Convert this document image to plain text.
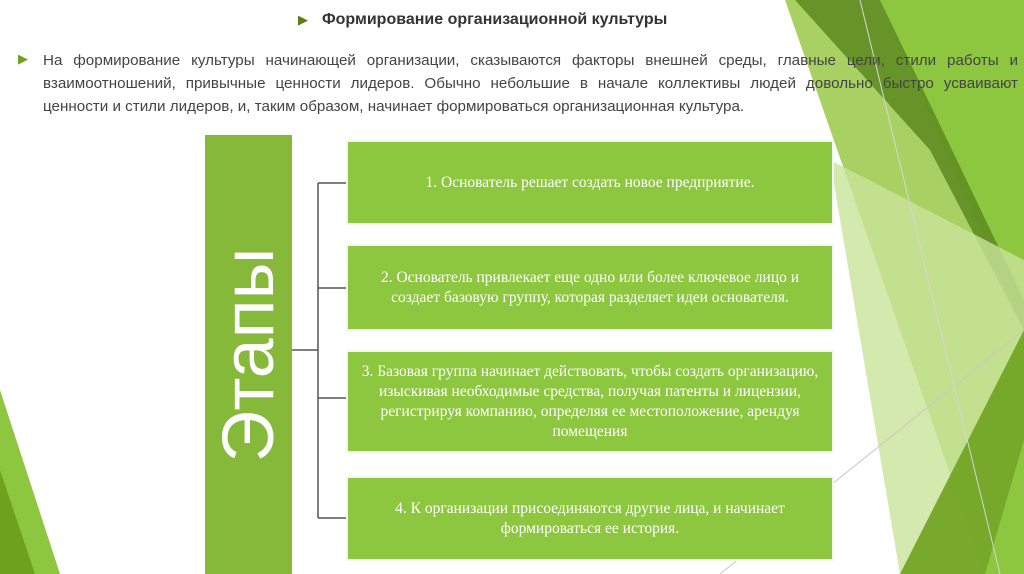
▶ Формирование организационной культуры
▶ На формирование культуры начинающей организации, сказываются факторы внешней среды, главные цели, стили работы и взаимоотношений, привычные ценности лидеров. Обычно небольшие в начале коллективы людей довольно быстро усваивают ценности и стили лидеров, и, таким образом, начинает формироваться организационная культура.
Этапы
1. Основатель решает создать новое предприятие.
2. Основатель привлекает еще одно или более ключевое лицо и создает базовую группу, которая разделяет идеи основателя.
3. Базовая группа начинает действовать, чтобы создать организацию, изыскивая необходимые средства, получая патенты и лицензии, регистрируя компанию, определяя ее местоположение, арендуя помещения
4. К организации присоединяются другие лица, и начинает формироваться ее история.
